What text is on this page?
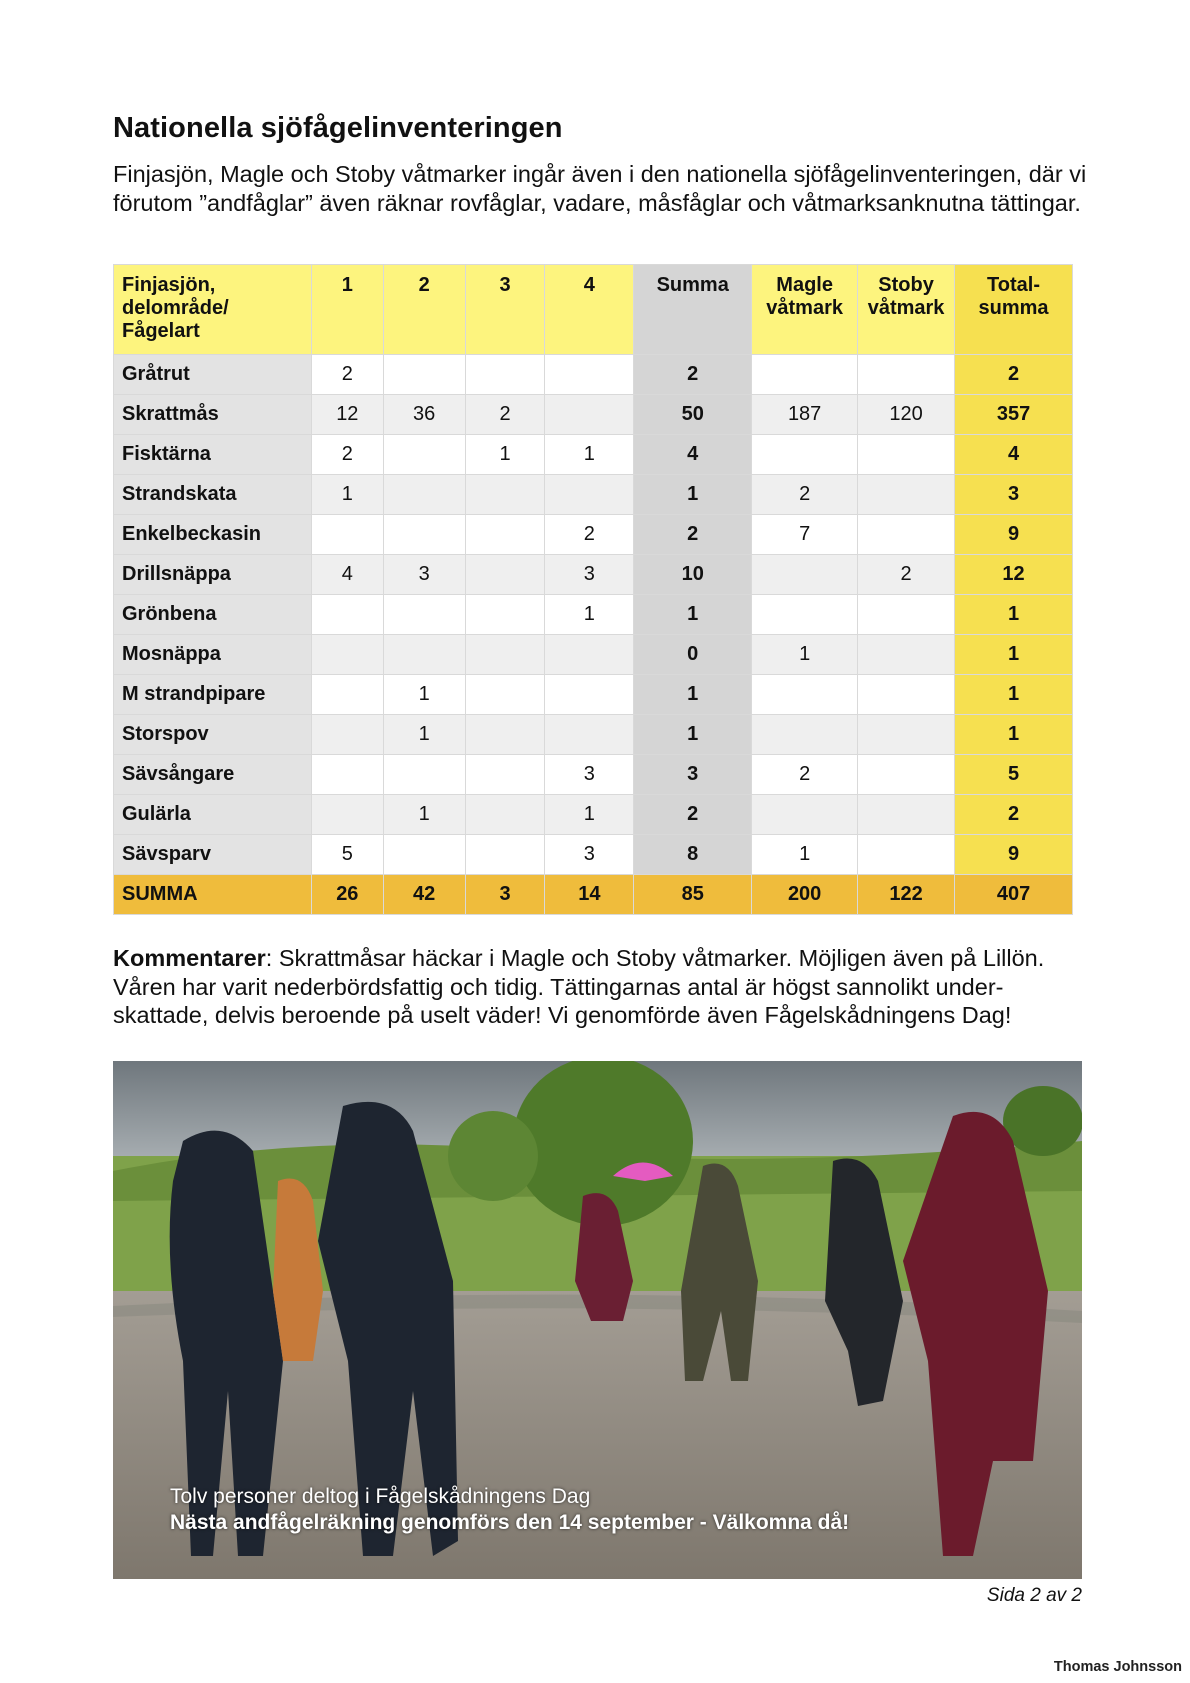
Nationella sjöfågelinventeringen

Finjasjön, Magle och Stoby våtmarker ingår även i den nationella sjöfågelinventeringen, där vi förutom ”andfåglar” även räknar rovfåglar, vadare, måsfåglar och våtmarksanknutna tättingar.

Finjasjön, delområde/ Fågelart	1	2	3	4	Summa	Magle våtmark	Stoby våtmark	Total-summa
Gråtrut	2				2			2
Skrattmås	12	36	2		50	187	120	357
Fisktärna	2		1	1	4			4
Strandskata	1				1	2		3
Enkelbeckasin				2	2	7		9
Drillsnäppa	4	3		3	10		2	12
Grönbena				1	1			1
Mosnäppa					0	1		1
M strandpipare		1			1			1
Storspov		1			1			1
Sävsångare				3	3	2		5
Gulärla		1		1	2			2
Sävsparv	5			3	8	1		9
SUMMA	26	42	3	14	85	200	122	407

Kommentarer: Skrattmåsar häckar i Magle och Stoby våtmarker. Möjligen även på Lillön. Våren har varit nederbördsfattig och tidig. Tättingarnas antal är högst sannolikt under-skattade, delvis beroende på uselt väder! Vi genomförde även Fågelskådningens Dag!

Tolv personer deltog i Fågelskådningens Dag
Nästa andfågelräkning genomförs den 14 september - Välkomna då!
Sida 2 av 2
Thomas Johnsson
